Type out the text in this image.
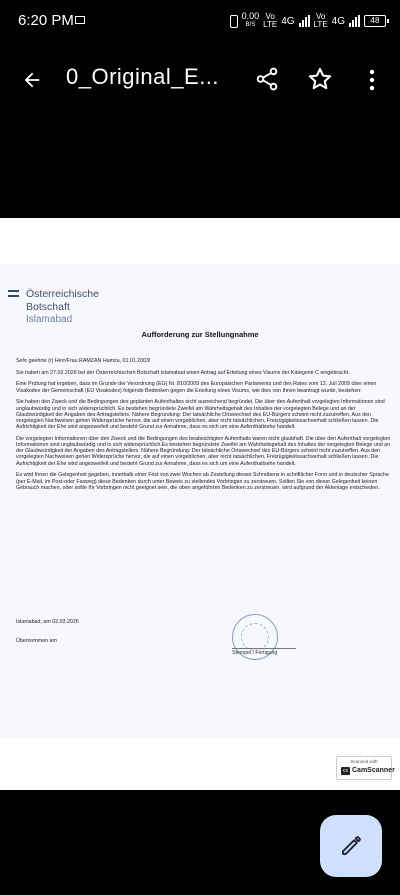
6:20 PM	0.00
B/S
Vo
LTE 4G	Vo
LTE 4G	48
0_Original_E...
Österreichische
Botschaft
Islamabad
Aufforderung zur Stellungnahme

Sehr geehrte (r) Herr/Frau RAMZAN Hamza, 01.01.2003!

Sie haben am 27.02.2026 bei der Österreichischen Botschaft Islamabad einen Antrag auf Erteilung eines Visums der Kategorie C eingebracht.

Eine Prüfung hat ergeben, dass im Grunde der Verordnung (EG) Nr. 810/2009 des Europäischen Parlaments und des Rates vom 13. Juli 2009 über einen Visakodex der Gemeinschaft (EU Visakodex) folgende Bedenken gegen die Erteilung eines Visums, wie dies von Ihnen beantragt wurde, bestehen:

Sie haben den Zweck und die Bedingungen des geplanten Aufenthaltes nicht ausreichend begründet. Die über den Aufenthalt vorgelegten Informationen sind unglaubwürdig und in sich widersprüchlich. Es bestehen begründete Zweifel am Wahrheitsgehalt des Inhaltes der vorgelegten Belege und an der Glaubwürdigkeit der Angaben des Antragstellers. Nähere Begründung: Der tatsächliche Ortswechsel des EU-Bürgers scheint nicht zuzutreffen. Aus den vorgelegten Nachweisen gehen Widersprüche hervor, die auf einen vorgeblichen, aber nicht tatsächlichen, Freizügigkeitssachverhalt schließen lassen. Die Aufrichtigkeit der Ehe wird angezweifelt und besteht Grund zur Annahme, dass es sich um eine Aufenthaltsehe handelt.

Die vorgelegten Informationen über den Zweck und die Bedingungen des beabsichtigten Aufenthalts waren nicht glaubhaft. Die über den Aufenthalt vorgelegten Informationen sind unglaubwürdig und in sich widersprüchlich.Es bestehen begründete Zweifel am Wahrheitsgehalt des Inhaltes der vorgelegten Belege und an der Glaubwürdigkeit der Angaben des Antragstellers. Nähere Begründung: Der tatsächliche Ortswechsel des EU-Bürgers scheint nicht zuzutreffen. Aus den vorgelegten Nachweisen gehen Widersprüche hervor, die auf einen vorgeblichen, aber nicht tatsächlichen, Freizügigkeitssachverhalt schließen lassen. Die Aufrichtigkeit der Ehe wird angezweifelt und besteht Grund zur Annahme, dass es sich um eine Aufenthaltsehe handelt.

Es wird Ihnen die Gelegenheit gegeben, innerhalb einer Frist von zwei Wochen ab Zustellung dieses Schreibens in schriftlicher Form und in deutscher Sprache (per E-Mail, im Post-oder Faxweg) diese Bedenken durch unter Beweis zu stellendes Vorbringen zu zerstreuen. Sollten Sie von dieser Gelegenheit keinen Gebrauch machen, oder sollte Ihr Vorbringen nicht geeignet sein, die oben angeführten Bedenken zu zerstreuen, wird aufgrund der Aktenlage entschieden.

Islamabad, am 02.03.2026
Übernommen am
Stempel / Fertigung
Scanned with
cs CamScanner
